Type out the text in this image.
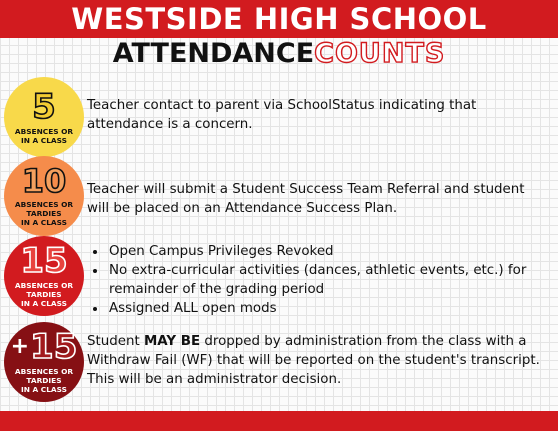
WESTSIDE HIGH SCHOOL
ATTENDANCECOUNTS
5
ABSENCES OR
IN A CLASS
Teacher contact to parent via SchoolStatus indicating that attendance is a concern.
10
ABSENCES OR
TARDIES
IN A CLASS
Teacher will submit a Student Success Team Referral and student will be placed on an Attendance Success Plan.
15
ABSENCES OR
TARDIES
IN A CLASS
• Open Campus Privileges Revoked
• No extra-curricular activities (dances, athletic events, etc.) for remainder of the grading period
• Assigned ALL open mods
+ 15
ABSENCES OR
TARDIES
IN A CLASS
Student MAY BE dropped by administration from the class with a Withdraw Fail (WF) that will be reported on the student's transcript. This will be an administrator decision.
